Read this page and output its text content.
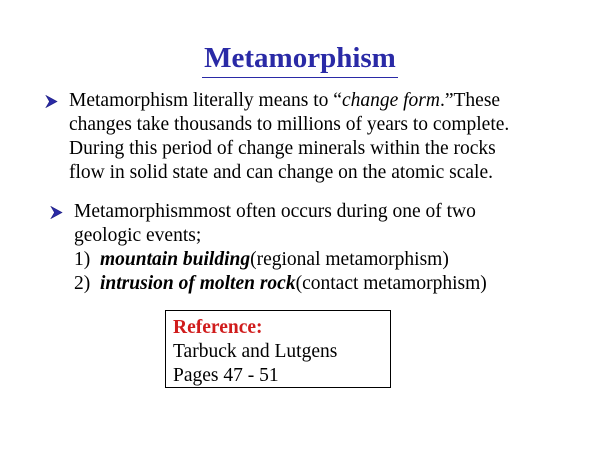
Metamorphism
Metamorphism literally means to “change form.”These
changes take thousands to millions of years to complete.
During this period of change minerals within the rocks
flow in solid state and can change on the atomic scale.
Metamorphismmost often occurs during one of two
geologic events;
1) mountain building(regional metamorphism)
2) intrusion of molten rock(contact metamorphism)
Reference:
Tarbuck and Lutgens
Pages 47 - 51
